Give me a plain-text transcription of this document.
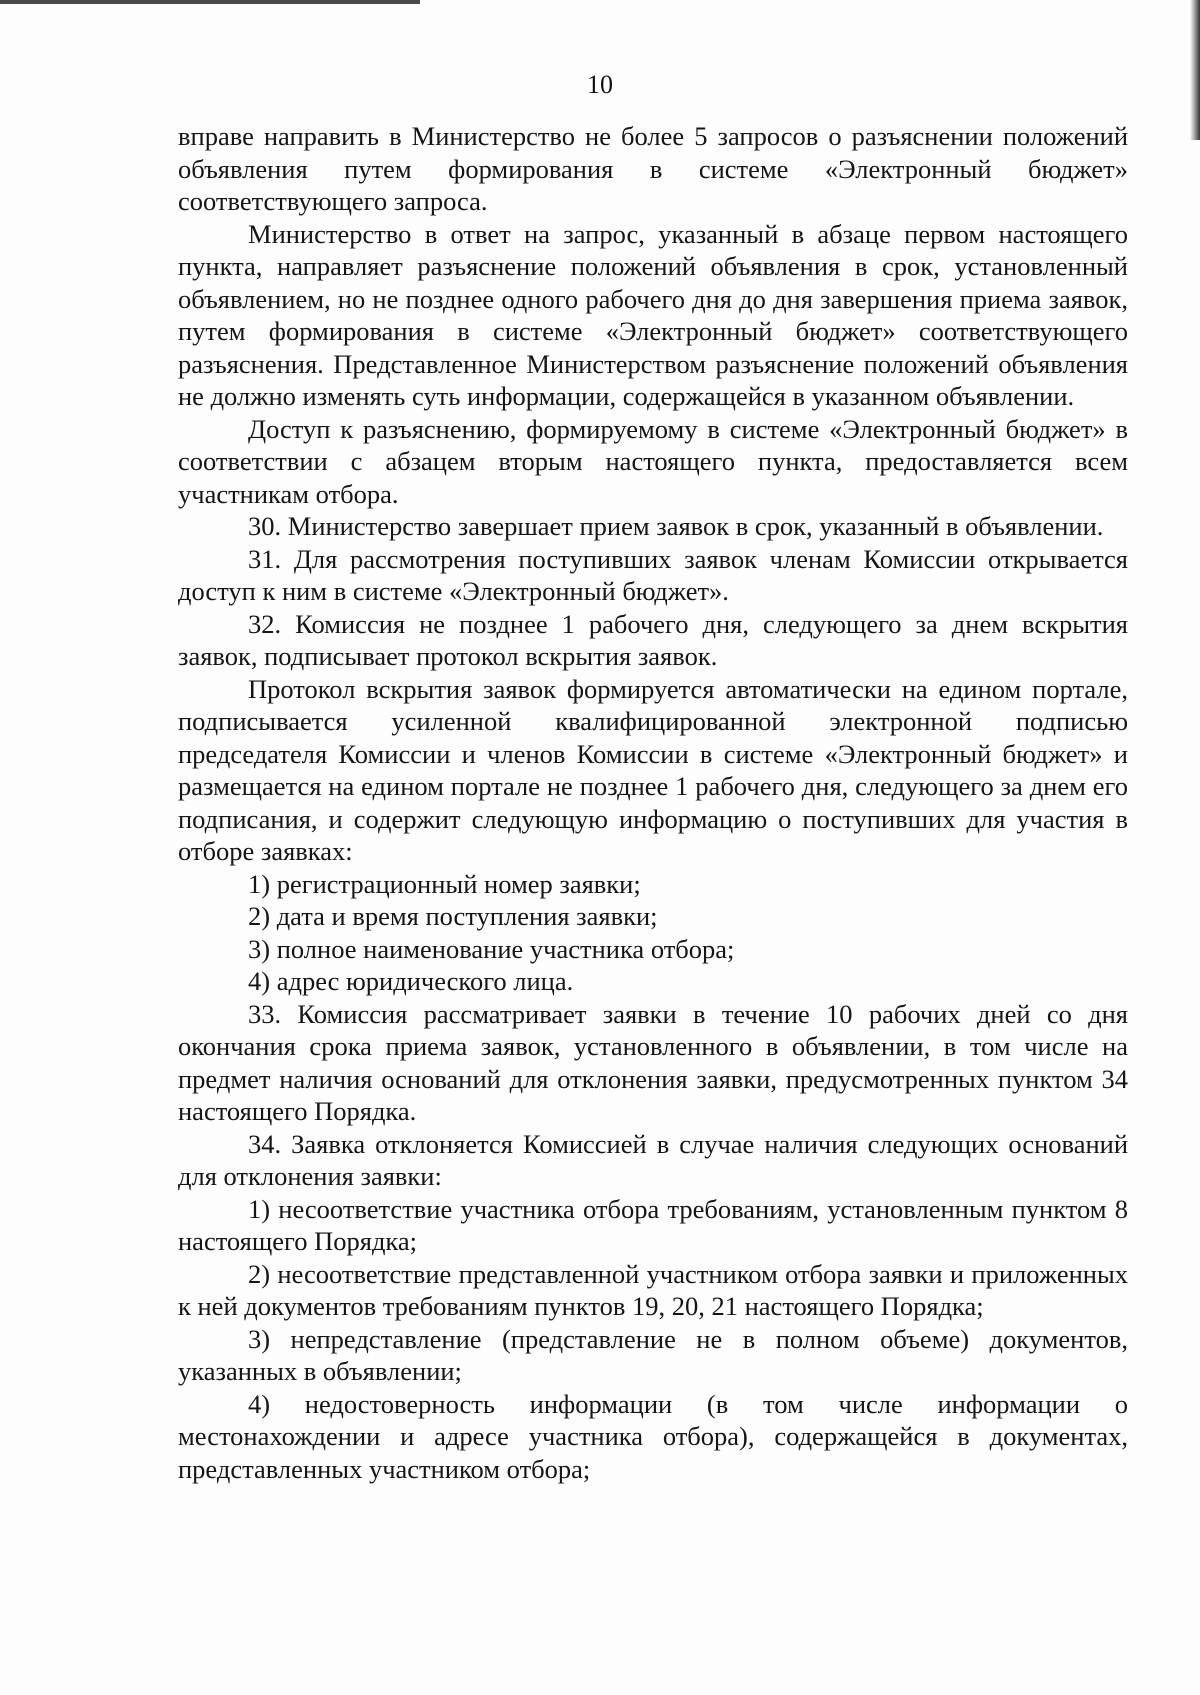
10

вправе направить в Министерство не более 5 запросов о разъяснении положений объявления путем формирования в системе «Электронный бюджет» соответствующего запроса.

Министерство в ответ на запрос, указанный в абзаце первом настоящего пункта, направляет разъяснение положений объявления в срок, установленный объявлением, но не позднее одного рабочего дня до дня завершения приема заявок, путем формирования в системе «Электронный бюджет» соответствующего разъяснения. Представленное Министерством разъяснение положений объявления не должно изменять суть информации, содержащейся в указанном объявлении.

Доступ к разъяснению, формируемому в системе «Электронный бюджет» в соответствии с абзацем вторым настоящего пункта, предоставляется всем участникам отбора.

30. Министерство завершает прием заявок в срок, указанный в объявлении.

31. Для рассмотрения поступивших заявок членам Комиссии открывается доступ к ним в системе «Электронный бюджет».

32. Комиссия не позднее 1 рабочего дня, следующего за днем вскрытия заявок, подписывает протокол вскрытия заявок.

Протокол вскрытия заявок формируется автоматически на едином портале, подписывается усиленной квалифицированной электронной подписью председателя Комиссии и членов Комиссии в системе «Электронный бюджет» и размещается на едином портале не позднее 1 рабочего дня, следующего за днем его подписания, и содержит следующую информацию о поступивших для участия в отборе заявках:

1) регистрационный номер заявки;

2) дата и время поступления заявки;

3) полное наименование участника отбора;

4) адрес юридического лица.

33. Комиссия рассматривает заявки в течение 10 рабочих дней со дня окончания срока приема заявок, установленного в объявлении, в том числе на предмет наличия оснований для отклонения заявки, предусмотренных пунктом 34 настоящего Порядка.

34. Заявка отклоняется Комиссией в случае наличия следующих оснований для отклонения заявки:

1) несоответствие участника отбора требованиям, установленным пунктом 8 настоящего Порядка;

2) несоответствие представленной участником отбора заявки и приложенных к ней документов требованиям пунктов 19, 20, 21 настоящего Порядка;

3) непредставление (представление не в полном объеме) документов, указанных в объявлении;

4) недостоверность информации (в том числе информации о местонахождении и адресе участника отбора), содержащейся в документах, представленных участником отбора;
